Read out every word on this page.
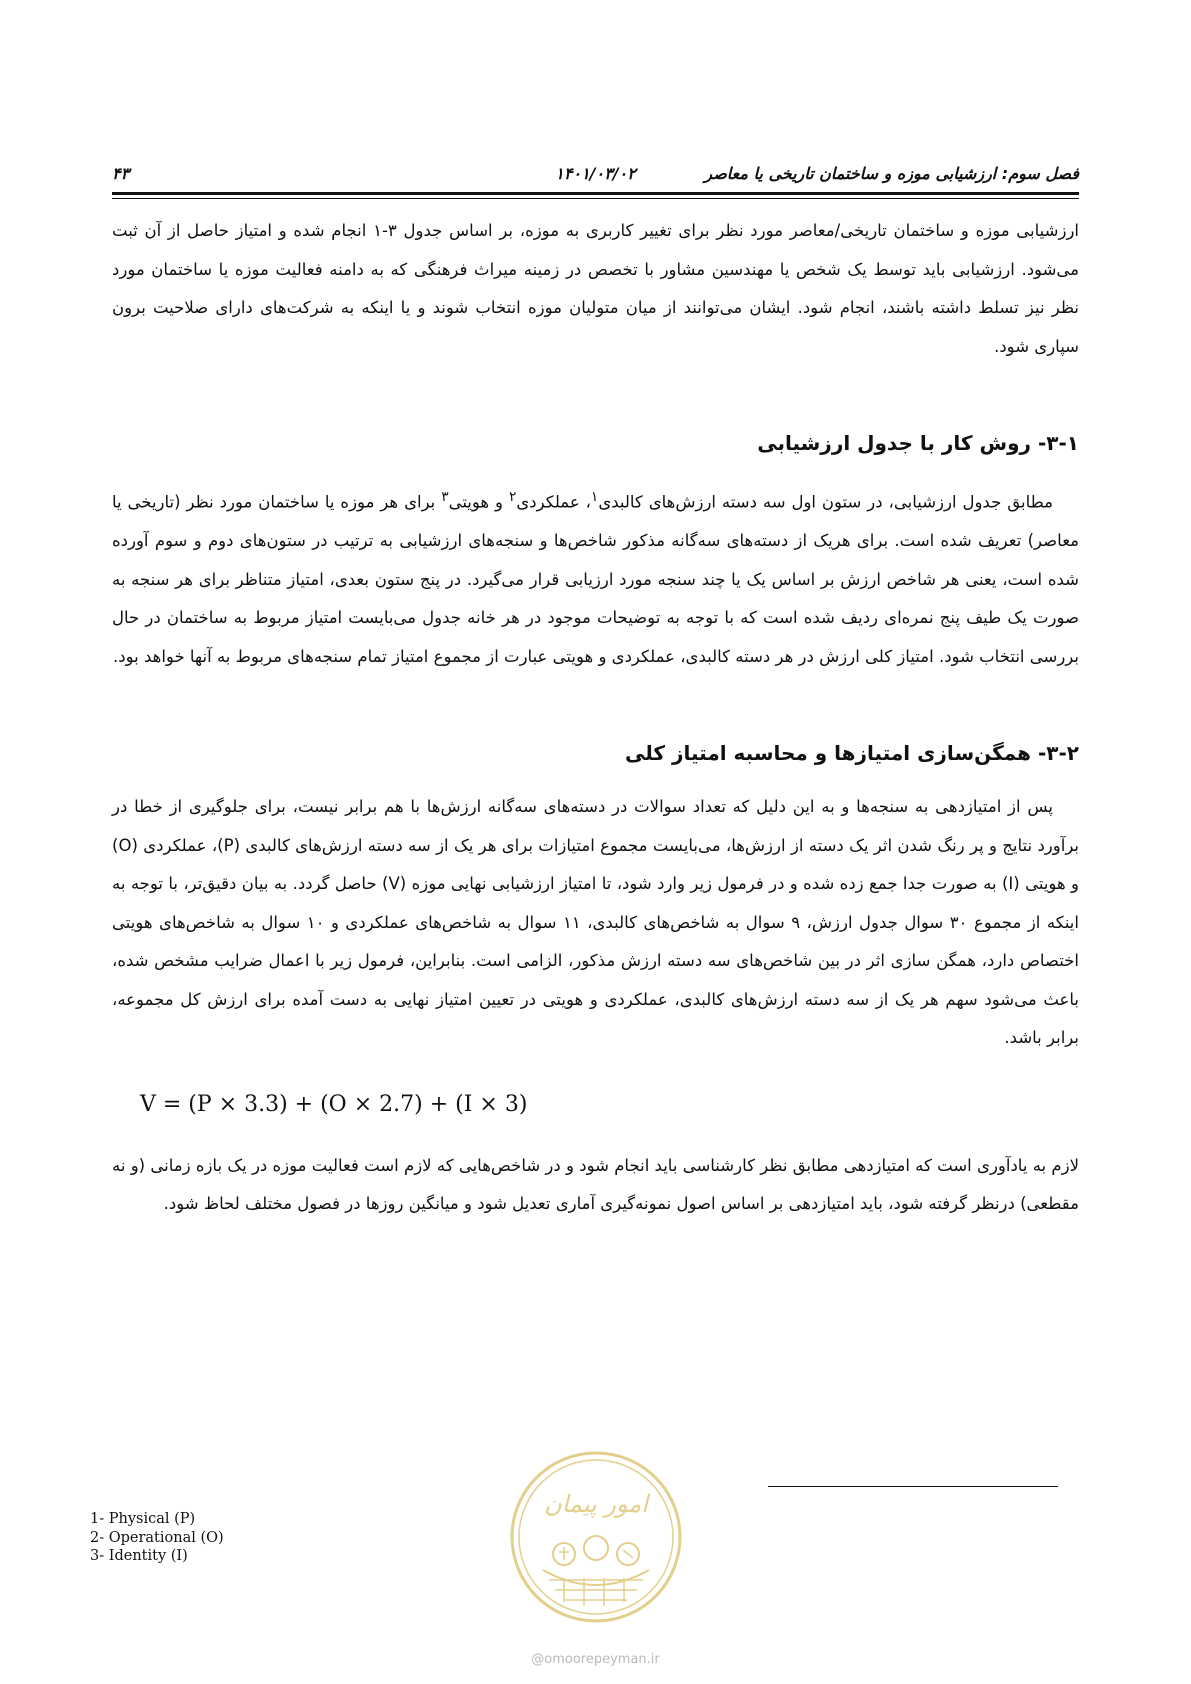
فصل سوم: ارزشیابی موزه و ساختمان تاریخی یا معاصر
۱۴۰۱/۰۳/۰۲
۴۳

ارزشیابی موزه و ساختمان تاریخی/معاصر مورد نظر برای تغییر کاربری به موزه، بر اساس جدول ۳-۱ انجام شده و امتیاز حاصل از آن ثبت می‌شود. ارزشیابی باید توسط یک شخص یا مهندسین مشاور با تخصص در زمینه میراث فرهنگی که به دامنه فعالیت موزه یا ساختمان مورد نظر نیز تسلط داشته باشند، انجام شود. ایشان می‌توانند از میان متولیان موزه انتخاب شوند و یا اینکه به شرکت‌های دارای صلاحیت برون سپاری شود.

۳-۱- روش کار با جدول ارزشیابی

مطابق جدول ارزشیابی، در ستون اول سه دسته ارزش‌های کالبدی$^۱$، عملکردی$^۲$ و هویتی$^۳$ برای هر موزه یا ساختمان مورد نظر (تاریخی یا معاصر) تعریف شده است. برای هریک از دسته‌های سه‌گانه مذکور شاخص‌ها و سنجه‌های ارزشیابی به ترتیب در ستون‌های دوم و سوم آورده شده است، یعنی هر شاخص ارزش بر اساس یک یا چند سنجه مورد ارزیابی قرار می‌گیرد. در پنج ستون بعدی، امتیاز متناظر برای هر سنجه به صورت یک طیف پنج نمره‌ای ردیف شده است که با توجه به توضیحات موجود در هر خانه جدول می‌بایست امتیاز مربوط به ساختمان در حال بررسی انتخاب شود. امتیاز کلی ارزش در هر دسته کالبدی، عملکردی و هویتی عبارت از مجموع امتیاز تمام سنجه‌های مربوط به آنها خواهد بود.

۳-۲- همگن‌سازی امتیازها و محاسبه امتیاز کلی

پس از امتیازدهی به سنجه‌ها و به این دلیل که تعداد سوالات در دسته‌های سه‌گانه ارزش‌ها با هم برابر نیست، برای جلوگیری از خطا در برآورد نتایج و پر رنگ شدن اثر یک دسته از ارزش‌ها، می‌بایست مجموع امتیازات برای هر یک از سه دسته ارزش‌های کالبدی (P)، عملکردی (O) و هویتی (I) به صورت جدا جمع زده شده و در فرمول زیر وارد شود، تا امتیاز ارزشیابی نهایی موزه (V) حاصل گردد. به بیان دقیق‌تر، با توجه به اینکه از مجموع ۳۰ سوال جدول ارزش، ۹ سوال به شاخص‌های کالبدی، ۱۱ سوال به شاخص‌های عملکردی و ۱۰ سوال به شاخص‌های هویتی اختصاص دارد، همگن سازی اثر در بین شاخص‌های سه دسته ارزش مذکور، الزامی است. بنابراین، فرمول زیر با اعمال ضرایب مشخص شده، باعث می‌شود سهم هر یک از سه دسته ارزش‌های کالبدی، عملکردی و هویتی در تعیین امتیاز نهایی به دست آمده برای ارزش کل مجموعه، برابر باشد.

V = (P × 3.3) + (O × 2.7) + (I × 3)

لازم به یادآوری است که امتیازدهی مطابق نظر کارشناسی باید انجام شود و در شاخص‌هایی که لازم است فعالیت موزه در یک بازه زمانی (و نه مقطعی) درنظر گرفته شود، باید امتیازدهی بر اساس اصول نمونه‌گیری آماری تعدیل شود و میانگین روزها در فصول مختلف لحاظ شود.

1- Physical (P)
2- Operational (O)
3- Identity (I)
امور پیمان
@omoorepeyman.ir
